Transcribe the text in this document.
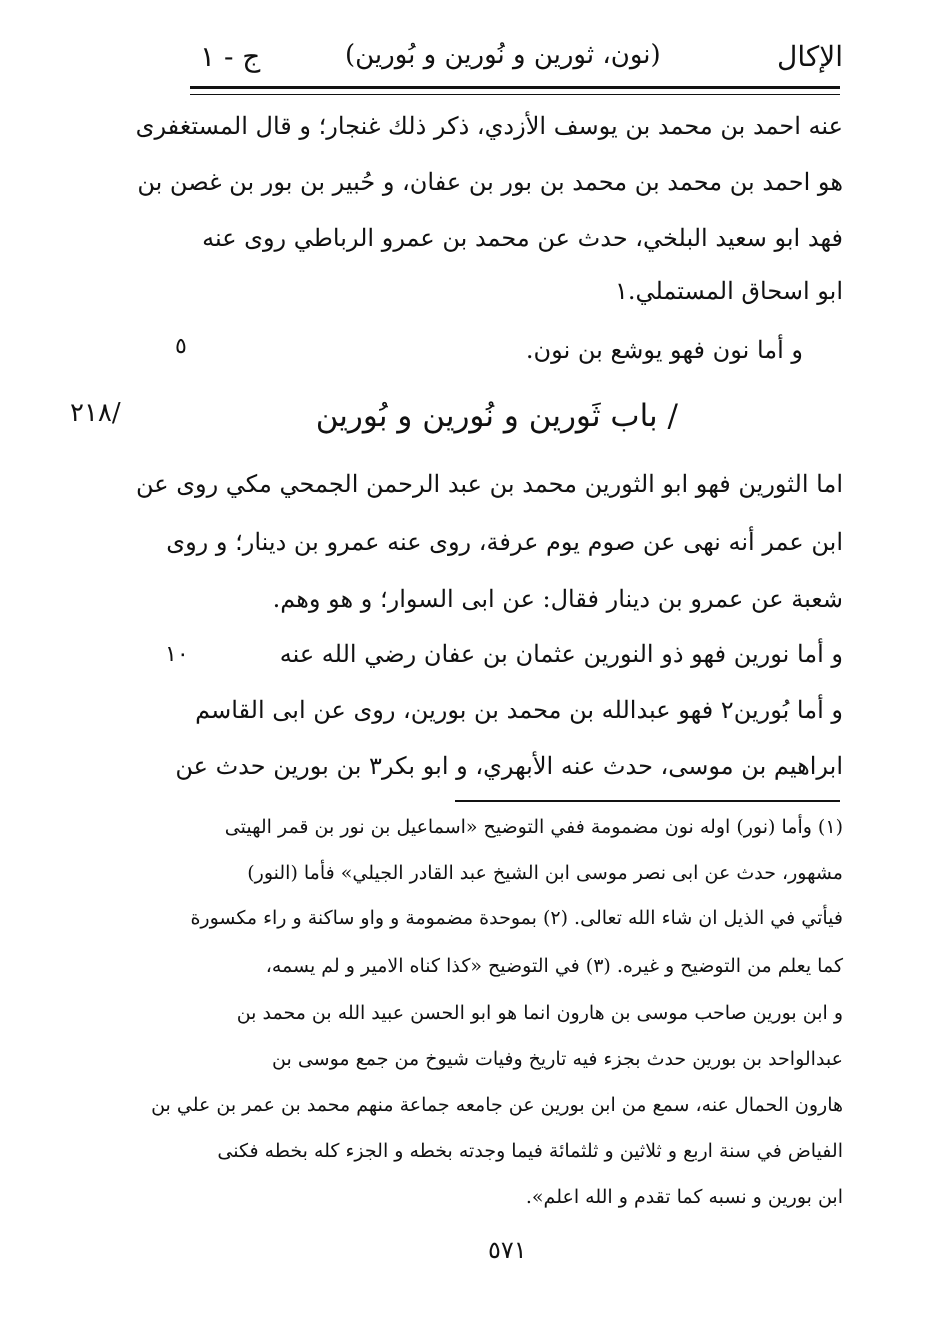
الإكال
(نون، ثور‌ين و نُورين و بُورين)
ج - ١
عنه احمد بن محمد بن يوسف الأزدي، ذكر ذلك غنجار؛ و قال المستغفرى
هو احمد بن محمد بن محمد بن بور بن عفان، و حُبير بن بور بن غصن بن
فهد ابو سعيد البلخي، حدث عن محمد بن عمرو الرباطي روى عنه
ابو اسحاق المستملي.١
و أما نون فهو يوشع بن نون.
٥
/ باب ثَورين و نُورين و بُورين
٢١٨/
اما الثورين فهو ابو الثورين محمد بن عبد الرحمن الجمحي مكي روى عن
ابن عمر أنه نهى عن صوم يوم عرفة، روى عنه عمرو بن دينار؛ و روى
شعبة عن عمرو بن دينار فقال: عن ابى السوار؛ و هو وهم.
و أما نورين فهو ذو النورين عثمان بن عفان رضي الله عنه
١٠
و أما بُورين٢ فهو عبدالله بن محمد بن بورين، روى عن ابى القاسم
ابراهيم بن موسى، حدث عنه الأبهري، و ابو بكر٣ بن بورين حدث عن
(١) وأما (نور) اوله نون مضمومة ففي التوضيح «اسماعيل بن نور بن قمر الهيتى
مشهور، حدث عن ابى نصر موسى ابن الشيخ عبد القادر الجيلي» فأما (النور)
فيأتي في الذيل ان شاء الله تعالى. (٢) بموحدة مضمومة و واو ساكنة و راء مكسورة
كما يعلم من التوضيح و غيره. (٣) في التوضيح «كذا كناه الامير و لم يسمه،
و ابن بورين صاحب موسى بن هارون انما هو ابو الحسن عبيد الله بن محمد بن
عبدالواحد بن بورين حدث بجزء فيه تاريخ وفيات شيوخ من جمع موسى بن
هارون الحمال عنه، سمع من ابن بورين عن جامعه جماعة منهم محمد بن عمر بن علي بن
الفياض في سنة اربع و ثلاثين و ثلثمائة فيما وجدته بخطه و الجزء كله بخطه فكنى
ابن بورين و نسبه كما تقدم و الله اعلم».
٥٧١
